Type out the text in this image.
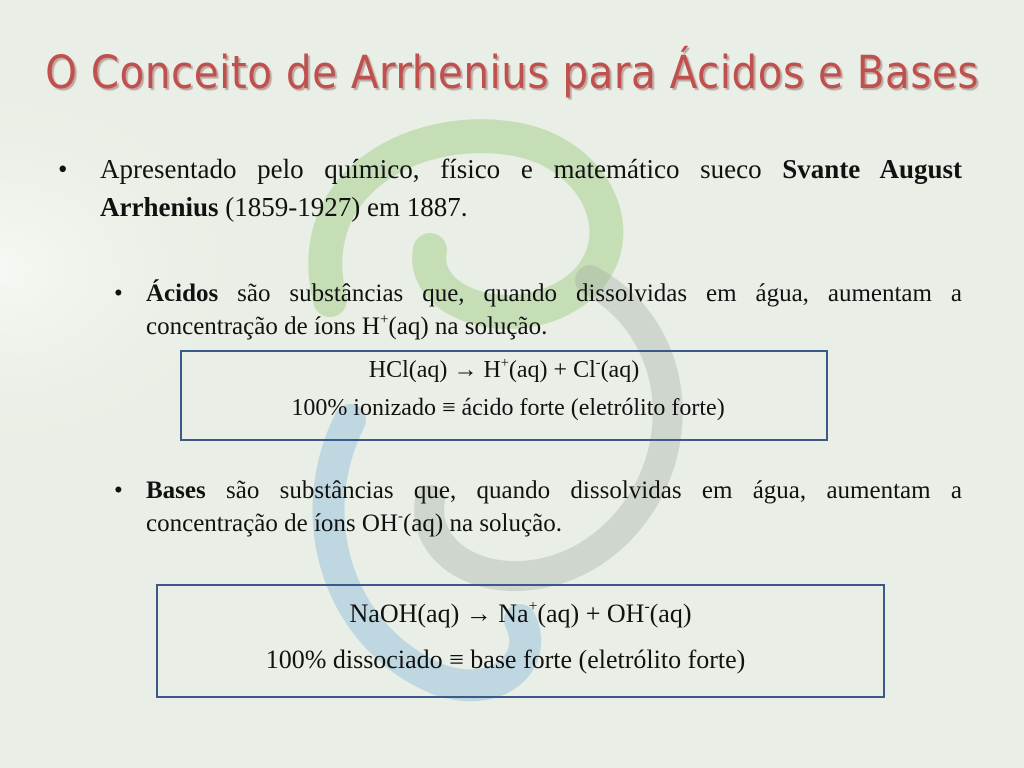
O Conceito de Arrhenius para Ácidos e Bases
• Apresentado pelo químico, físico e matemático sueco Svante August Arrhenius (1859-1927) em 1887.
• Ácidos são substâncias que, quando dissolvidas em água, aumentam a concentração de íons H+(aq) na solução.
HCl(aq) → H+(aq) + Cl-(aq)
100% ionizado ≡ ácido forte (eletrólito forte)
• Bases são substâncias que, quando dissolvidas em água, aumentam a concentração de íons OH-(aq) na solução.
NaOH(aq) → Na+(aq) + OH-(aq)
100% dissociado ≡ base forte (eletrólito forte)
